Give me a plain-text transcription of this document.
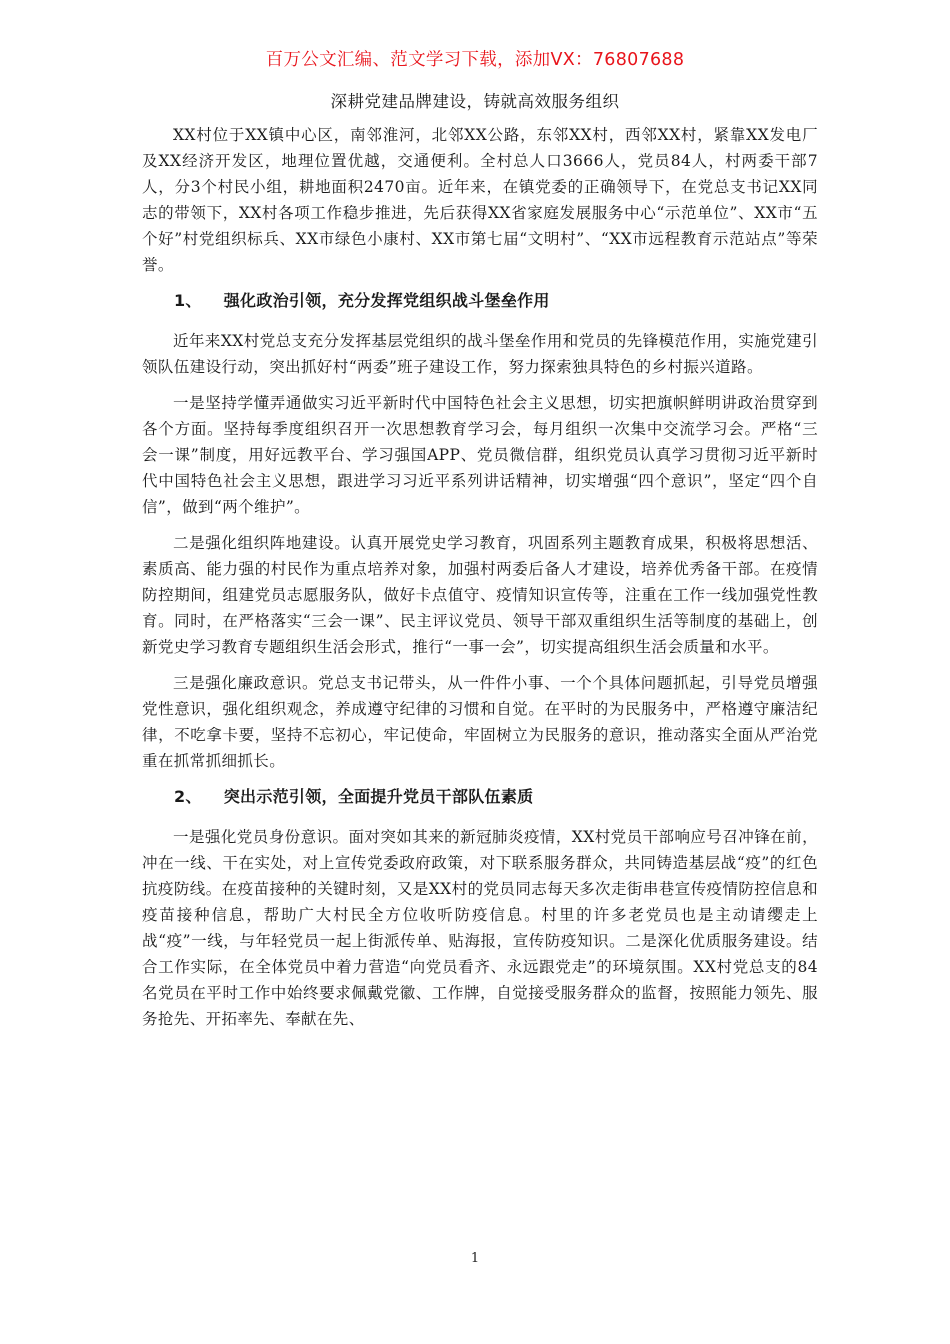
百万公文汇编、范文学习下载，添加VX：76807688
深耕党建品牌建设，铸就高效服务组织

XX村位于XX镇中心区，南邻淮河，北邻XX公路，东邻XX村，西邻XX村，紧靠XX发电厂及XX经济开发区，地理位置优越，交通便利。全村总人口3666人，党员84人，村两委干部7人，分3个村民小组，耕地面积2470亩。近年来，在镇党委的正确领导下，在党总支书记XX同志的带领下，XX村各项工作稳步推进，先后获得XX省家庭发展服务中心“示范单位”、XX市“五个好”村党组织标兵、XX市绿色小康村、XX市第七届“文明村”、“XX市远程教育示范站点”等荣誉。

1、 强化政治引领，充分发挥党组织战斗堡垒作用

近年来XX村党总支充分发挥基层党组织的战斗堡垒作用和党员的先锋模范作用，实施党建引领队伍建设行动，突出抓好村“两委”班子建设工作，努力探索独具特色的乡村振兴道路。

一是坚持学懂弄通做实习近平新时代中国特色社会主义思想，切实把旗帜鲜明讲政治贯穿到各个方面。坚持每季度组织召开一次思想教育学习会，每月组织一次集中交流学习会。严格“三会一课”制度，用好远教平台、学习强国APP、党员微信群，组织党员认真学习贯彻习近平新时代中国特色社会主义思想，跟进学习习近平系列讲话精神，切实增强“四个意识”，坚定“四个自信”，做到“两个维护”。

二是强化组织阵地建设。认真开展党史学习教育，巩固系列主题教育成果，积极将思想活、素质高、能力强的村民作为重点培养对象，加强村两委后备人才建设，培养优秀备干部。在疫情防控期间，组建党员志愿服务队，做好卡点值守、疫情知识宣传等，注重在工作一线加强党性教育。同时，在严格落实“三会一课”、民主评议党员、领导干部双重组织生活等制度的基础上，创新党史学习教育专题组织生活会形式，推行“一事一会”，切实提高组织生活会质量和水平。

三是强化廉政意识。党总支书记带头，从一件件小事、一个个具体问题抓起，引导党员增强党性意识，强化组织观念，养成遵守纪律的习惯和自觉。在平时的为民服务中，严格遵守廉洁纪律，不吃拿卡要，坚持不忘初心，牢记使命，牢固树立为民服务的意识，推动落实全面从严治党重在抓常抓细抓长。

2、 突出示范引领，全面提升党员干部队伍素质

一是强化党员身份意识。面对突如其来的新冠肺炎疫情，XX村党员干部响应号召冲锋在前，冲在一线、干在实处，对上宣传党委政府政策，对下联系服务群众，共同铸造基层战“疫”的红色抗疫防线。在疫苗接种的关键时刻，又是XX村的党员同志每天多次走街串巷宣传疫情防控信息和疫苗接种信息，帮助广大村民全方位收听防疫信息。村里的许多老党员也是主动请缨走上战“疫”一线，与年轻党员一起上街派传单、贴海报，宣传防疫知识。二是深化优质服务建设。结合工作实际，在全体党员中着力营造“向党员看齐、永远跟党走”的环境氛围。XX村党总支的84名党员在平时工作中始终要求佩戴党徽、工作牌，自觉接受服务群众的监督，按照能力领先、服务抢先、开拓率先、奉献在先、

1
